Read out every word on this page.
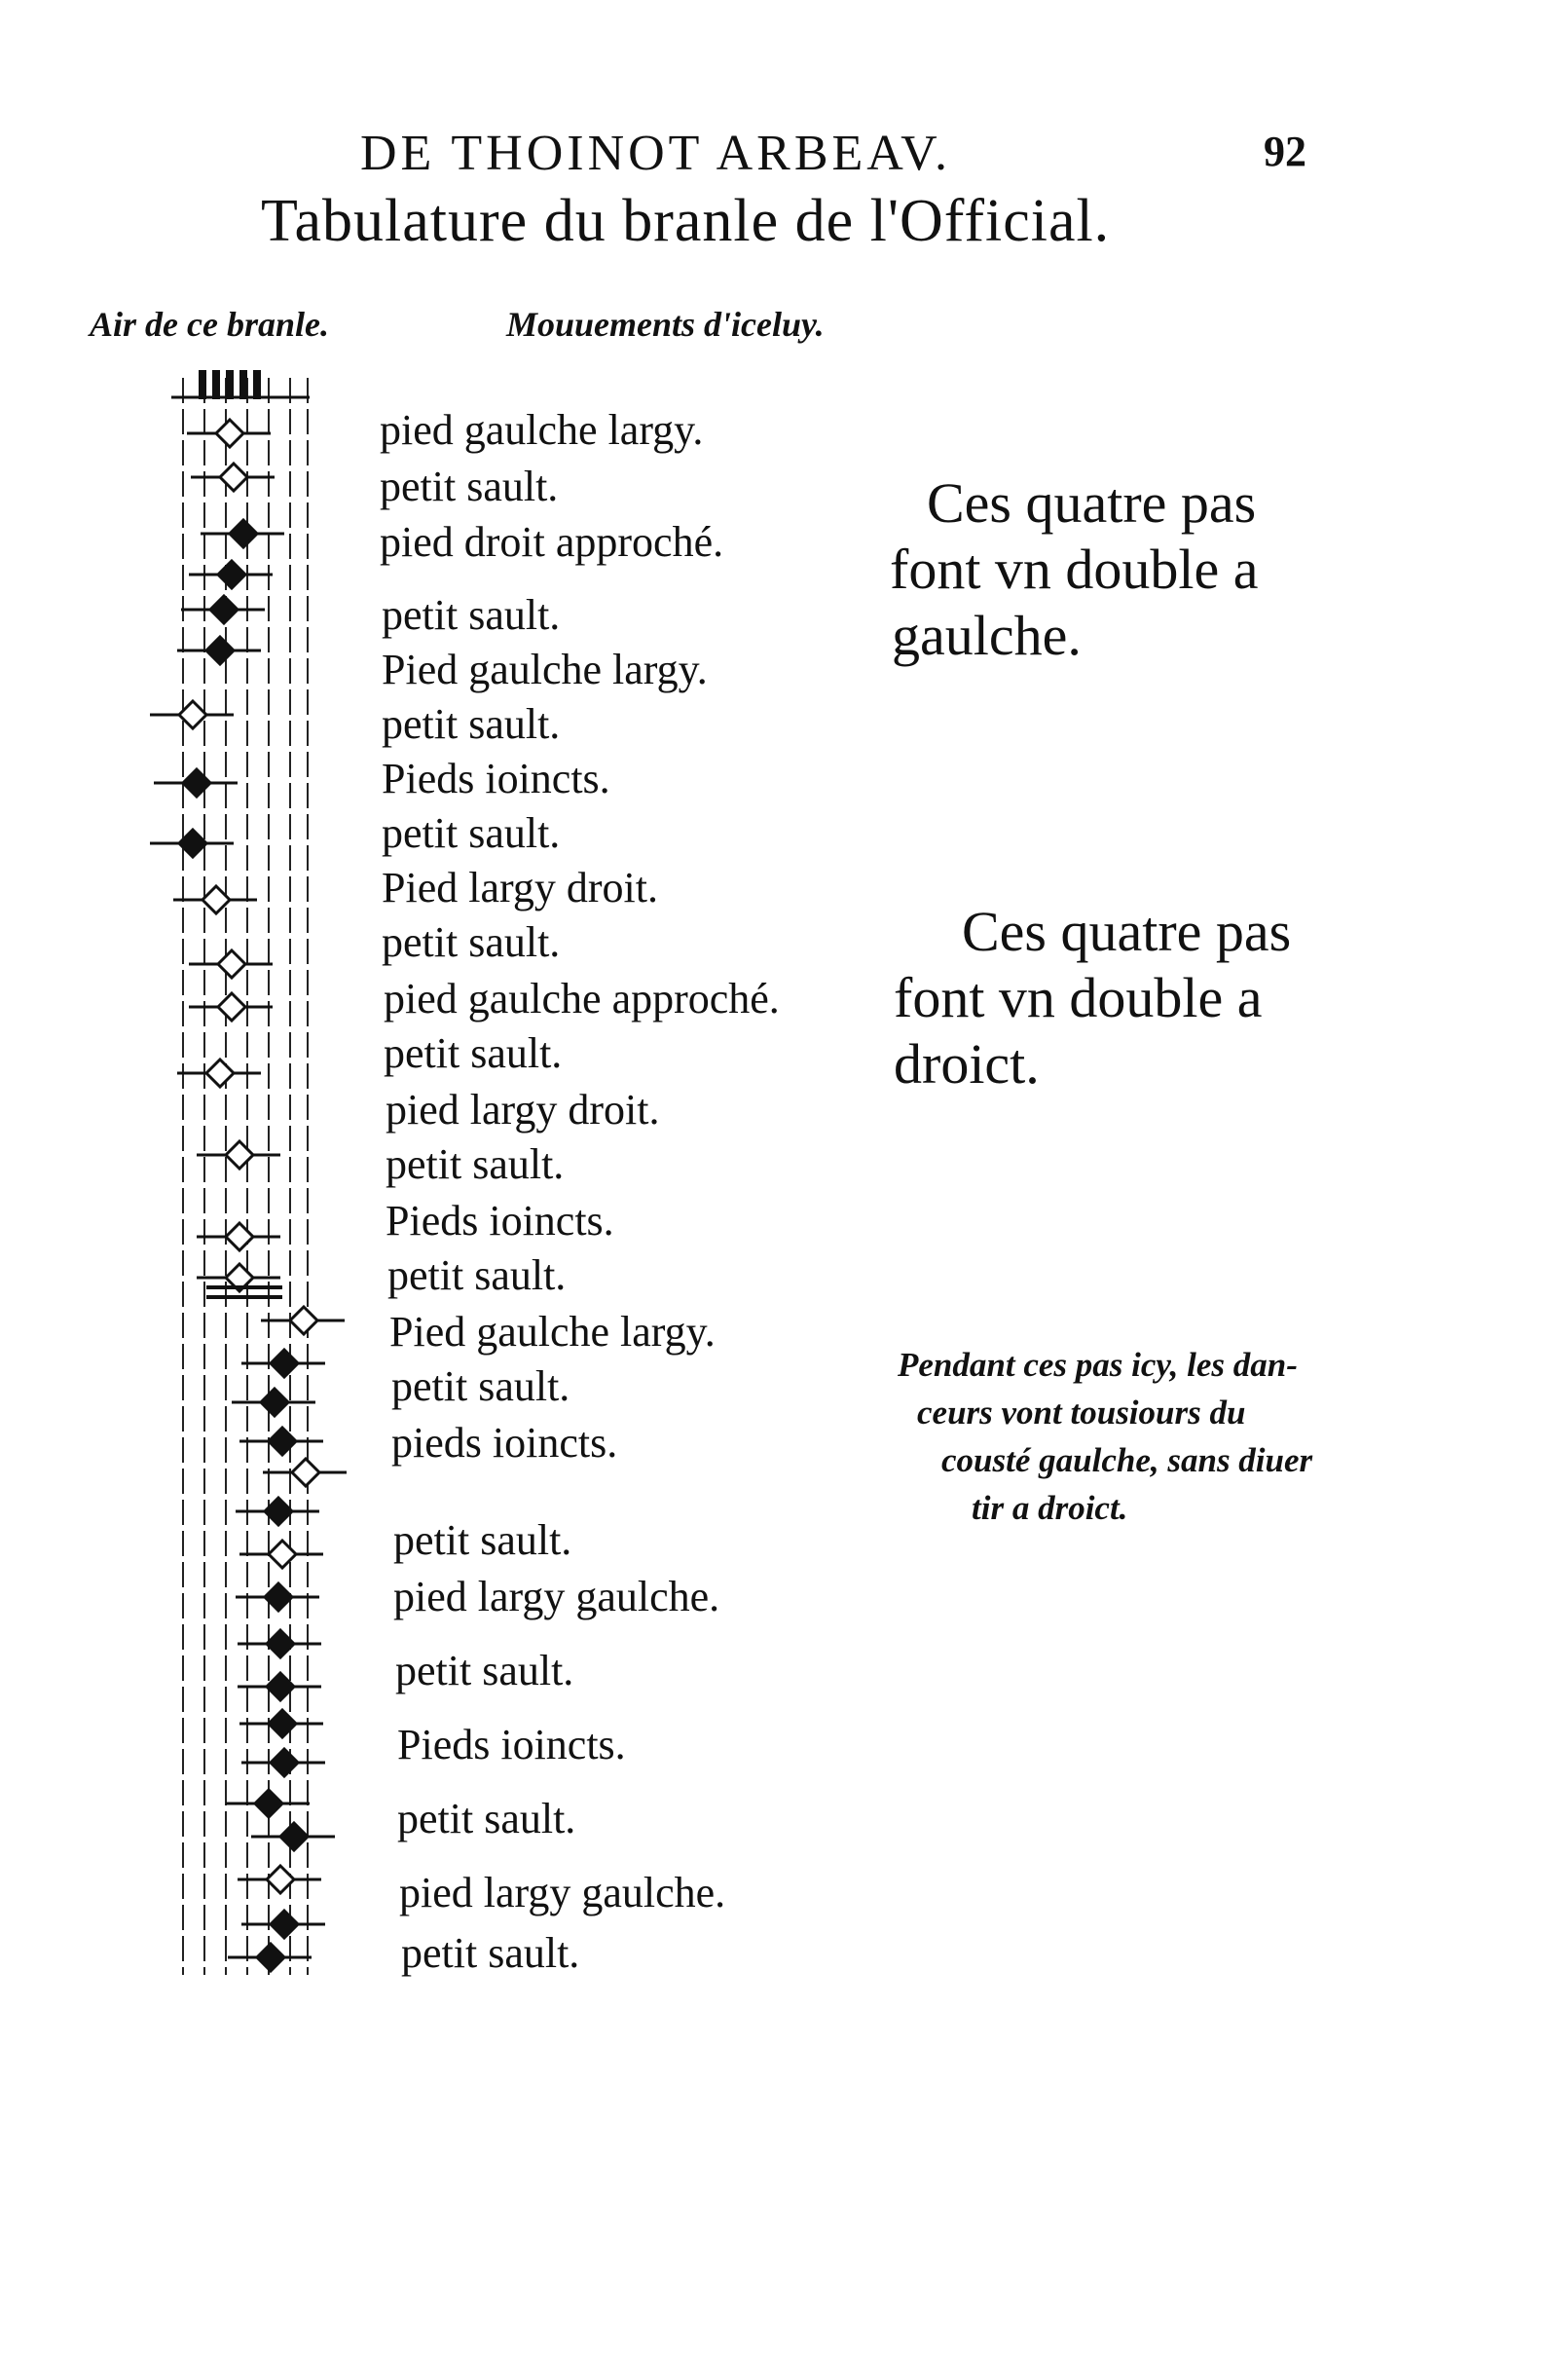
DE THOINOT ARBEAV.	92
Tabulature du branle de l'Official.
Air de ce branle.	Mouuements d'iceluy.
pied gaulche largy.
petit sault.
pied droit approché.
petit sault.
Pied gaulche largy.
petit sault.
Pieds ioincts.
petit sault.
Pied largy droit.
petit sault.
pied gaulche approché.
petit sault.
pied largy droit.
petit sault.
Pieds ioincts.
petit sault.
Pied gaulche largy.
petit sault.
pieds ioincts.
petit sault.
pied largy gaulche.
petit sault.
Pieds ioincts.
petit sault.
pied largy gaulche.
petit sault.
Ces quatre pas
font vn double a
gaulche.
Ces quatre pas
font vn double a
droict.
Pendant ces pas icy, les dan-
ceurs vont tousiours du
cousté gaulche, sans diuer
tir a droict.
